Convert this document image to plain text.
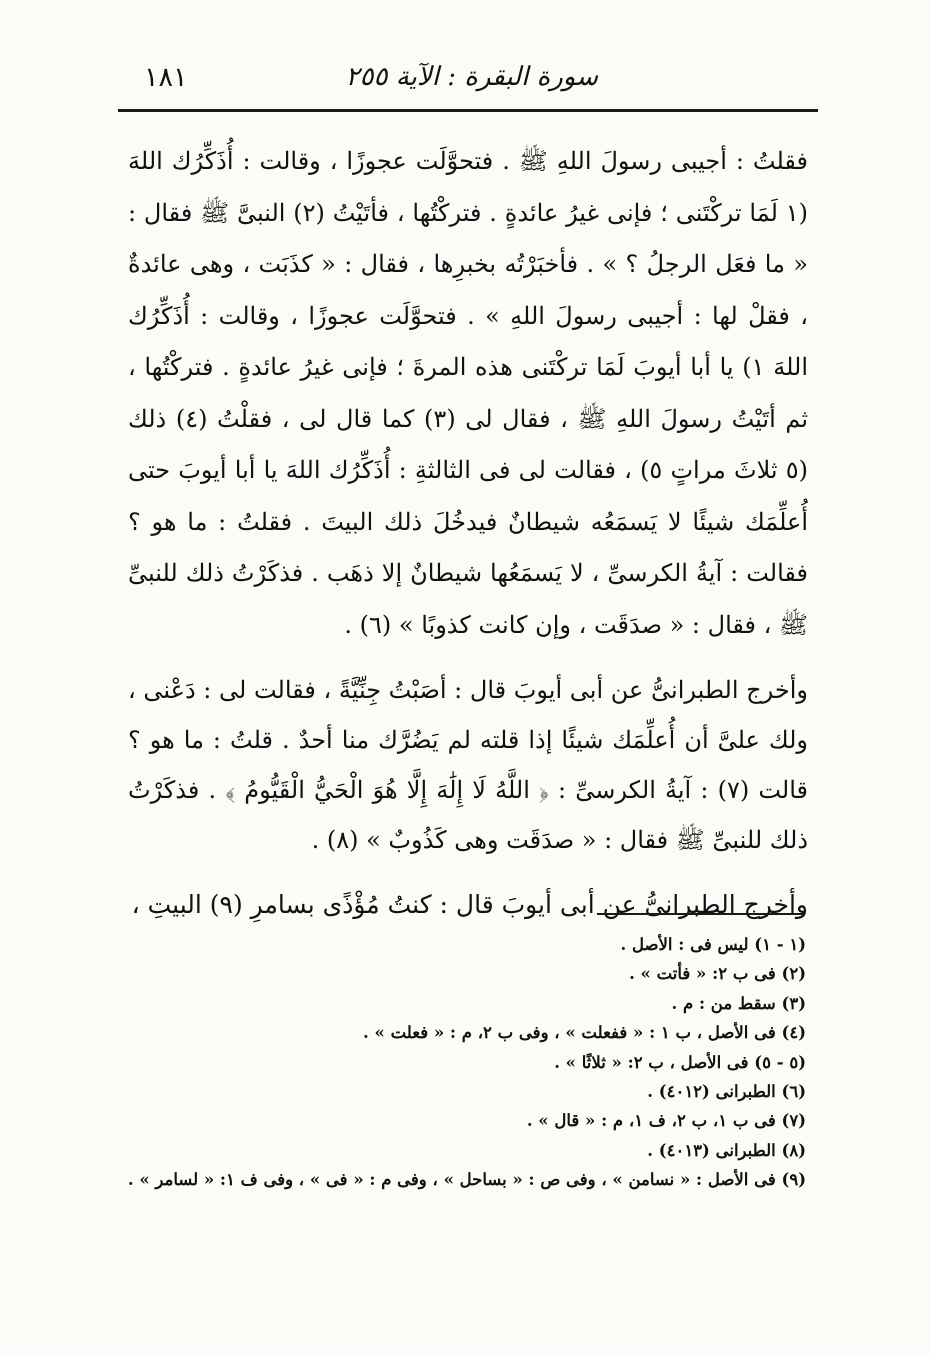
١٨١	سورة البقرة : الآية ٢٥٥

فقلتُ : أجيبى رسولَ اللهِ ﷺ . فتحوَّلَت عجوزًا ، وقالت : أُذَكِّرُك اللهَ (١ لَمَا تركْتَنى ؛ فإنى غيرُ عائدةٍ . فتركْتُها ، فأتَيْتُ (٢) النبىَّ ﷺ فقال : « ما فعَل الرجلُ ؟ » . فأخبَرْتُه بخبرِها ، فقال : « كذَبَت ، وهى عائدةٌ ، فقلْ لها : أجيبى رسولَ اللهِ » . فتحوَّلَت عجوزًا ، وقالت : أُذَكِّرُك اللهَ ١) يا أبا أيوبَ لَمَا تركْتَنى هذه المرةَ ؛ فإنى غيرُ عائدةٍ . فتركْتُها ، ثم أتَيْتُ رسولَ اللهِ ﷺ ، فقال لى (٣) كما قال لى ، فقلْتُ (٤) ذلك (٥ ثلاثَ مراتٍ ٥) ، فقالت لى فى الثالثةِ : أُذَكِّرُك اللهَ يا أبا أيوبَ حتى أُعلِّمَك شيئًا لا يَسمَعُه شيطانٌ فيدخُلَ ذلك البيتَ . فقلتُ : ما هو ؟ فقالت : آيةُ الكرسىِّ ، لا يَسمَعُها شيطانٌ إلا ذهَب . فذكَرْتُ ذلك للنبىِّ ﷺ ، فقال : « صدَقَت ، وإن كانت كذوبًا » (٦) .

وأخرج الطبرانىُّ عن أبى أيوبَ قال : أصَبْتُ جِنِّيَّةً ، فقالت لى : دَعْنى ، ولك علىَّ أن أُعلِّمَك شيئًا إذا قلته لم يَضُرَّك منا أحدٌ . قلتُ : ما هو ؟ قالت (٧) : آيةُ الكرسىِّ : ﴿ اللَّهُ لَا إِلَٰهَ إِلَّا هُوَ الْحَيُّ الْقَيُّومُ ﴾ . فذكَرْتُ ذلك للنبىِّ ﷺ فقال : « صدَقَت وهى كَذُوبٌ » (٨) .

وأخرج الطبرانىُّ عن أبى أيوبَ قال : كنتُ مُؤْذًى بسامرِ (٩) البيتِ ،

(١ - ١) ليس فى : الأصل .
(٢) فى ب ٢: « فأتت » .
(٣) سقط من : م .
(٤) فى الأصل ، ب ١ : « ففعلت » ، وفى ب ٢، م : « فعلت » .
(٥ - ٥) فى الأصل ، ب ٢: « ثلاثًا » .
(٦) الطبرانى (٤٠١٢) .
(٧) فى ب ١، ب ٢، ف ١، م : « قال » .
(٨) الطبرانى (٤٠١٣) .
(٩) فى الأصل : « نسامن » ، وفى ص : « بساحل » ، وفى م : « فى » ، وفى ف ١: « لسامر » .
